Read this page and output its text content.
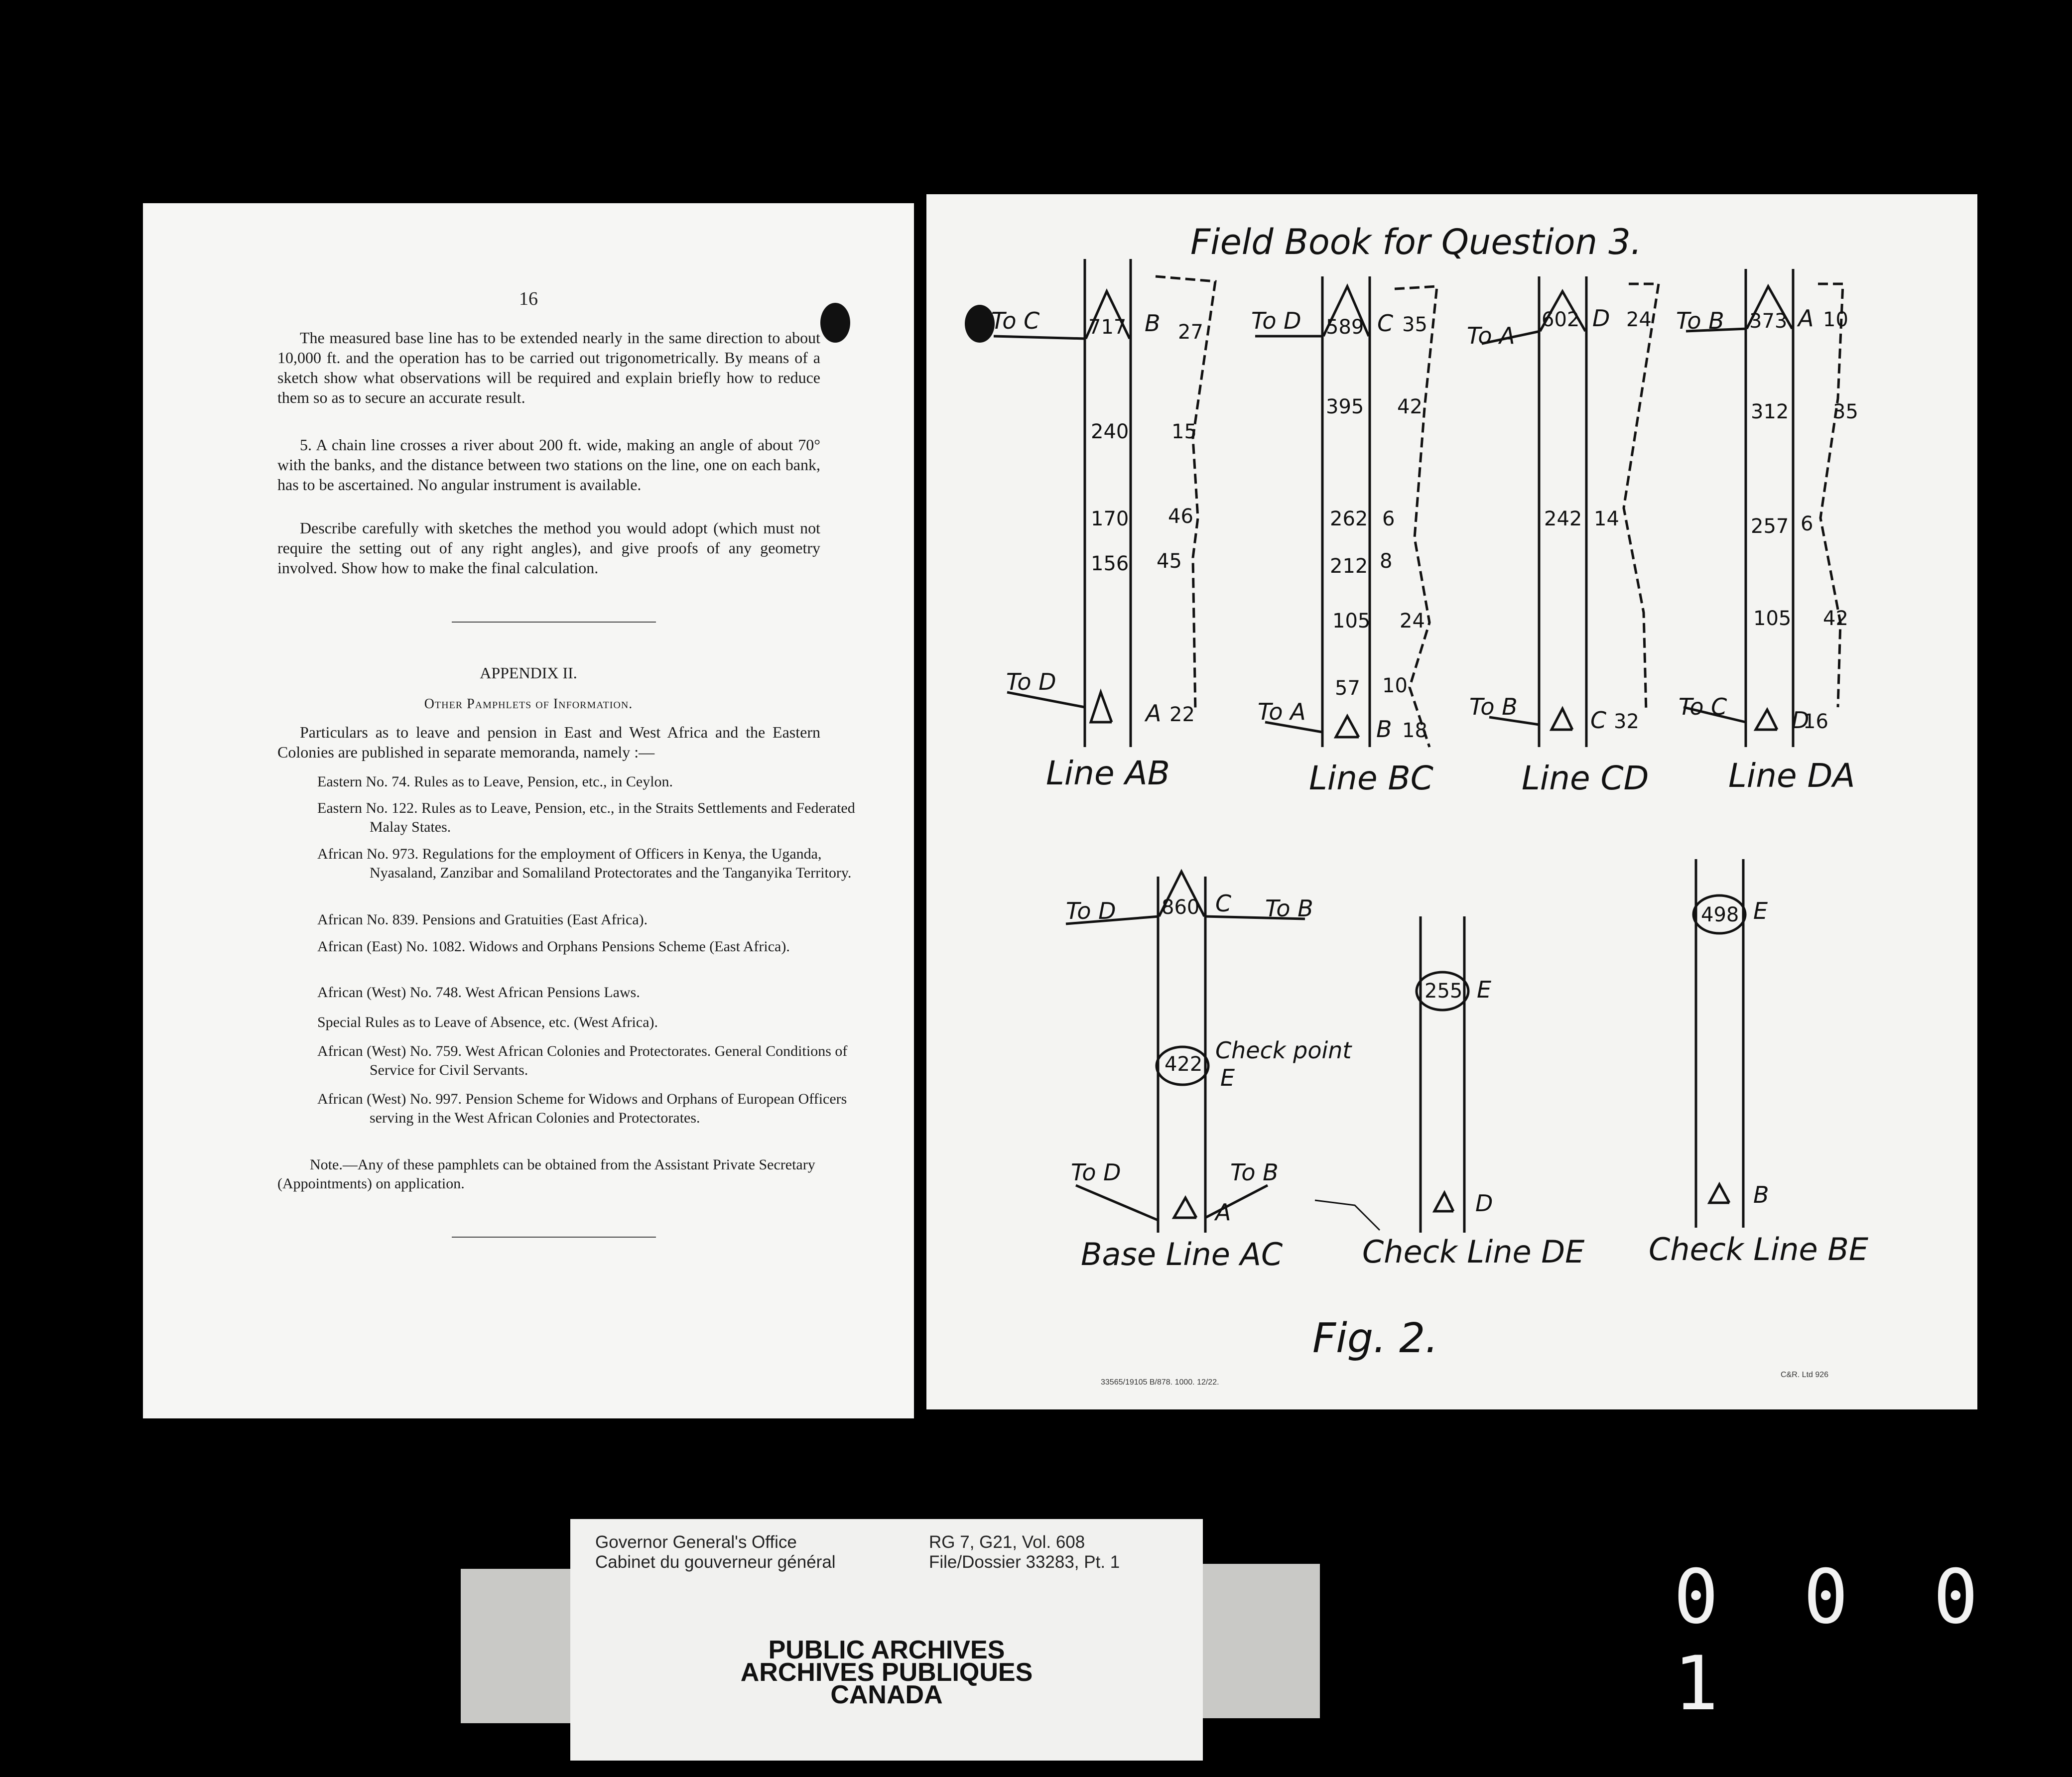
16
The measured base line has to be extended nearly in the same direction to about 10,000 ft. and the operation has to be carried out trigonometrically. By means of a sketch show what observations will be required and explain briefly how to reduce them so as to secure an accurate result.
5. A chain line crosses a river about 200 ft. wide, making an angle of about 70° with the banks, and the distance between two stations on the line, one on each bank, has to be ascertained. No angular instrument is available.
Describe carefully with sketches the method you would adopt (which must not require the setting out of any right angles), and give proofs of any geometry involved. Show how to make the final calculation.
APPENDIX II.
Other Pamphlets of Information.
Particulars as to leave and pension in East and West Africa and the Eastern Colonies are published in separate memoranda, namely :—
Eastern No. 74. Rules as to Leave, Pension, etc., in Ceylon.
Eastern No. 122. Rules as to Leave, Pension, etc., in the Straits Settlements and Federated Malay States.
African No. 973. Regulations for the employment of Officers in Kenya, the Uganda, Nyasaland, Zanzibar and Somaliland Protectorates and the Tanganyika Territory.
African No. 839. Pensions and Gratuities (East Africa).
African (East) No. 1082. Widows and Orphans Pensions Scheme (East Africa).
African (West) No. 748. West African Pensions Laws.
Special Rules as to Leave of Absence, etc. (West Africa).
African (West) No. 759. West African Colonies and Protectorates. General Conditions of Service for Civil Servants.
African (West) No. 997. Pension Scheme for Widows and Orphans of European Officers serving in the West African Colonies and Protectorates.
Note.—Any of these pamphlets can be obtained from the Assistant Private Secretary (Appointments) on application.
Field Book for Question 3.
717
240
170
156
15
46
45
27
22
B
A
To C
To D
Line AB
589
395
262
212
105
57
42
6
8
24
10
35
18
C
B
To D
To A
Line BC
602
242 14
24
32
D
C
To A
To B
Line CD
373
312
257
105
35
6
42
10
16
A
D
To B
To C
Line DA
860
422
C
To D	To B
Check point
E
A
To D	To B
Base Line AC
255 E
D
Check Line DE
498 E
B
Check Line BE
Fig. 2.
33565/19105 B/878. 1000. 12/22.
C&R. Ltd 926
Governor General's Office
Cabinet du gouverneur général
RG 7, G21, Vol. 608
File/Dossier 33283, Pt. 1
PUBLIC ARCHIVES
ARCHIVES PUBLIQUES
CANADA
0 0 0 1
